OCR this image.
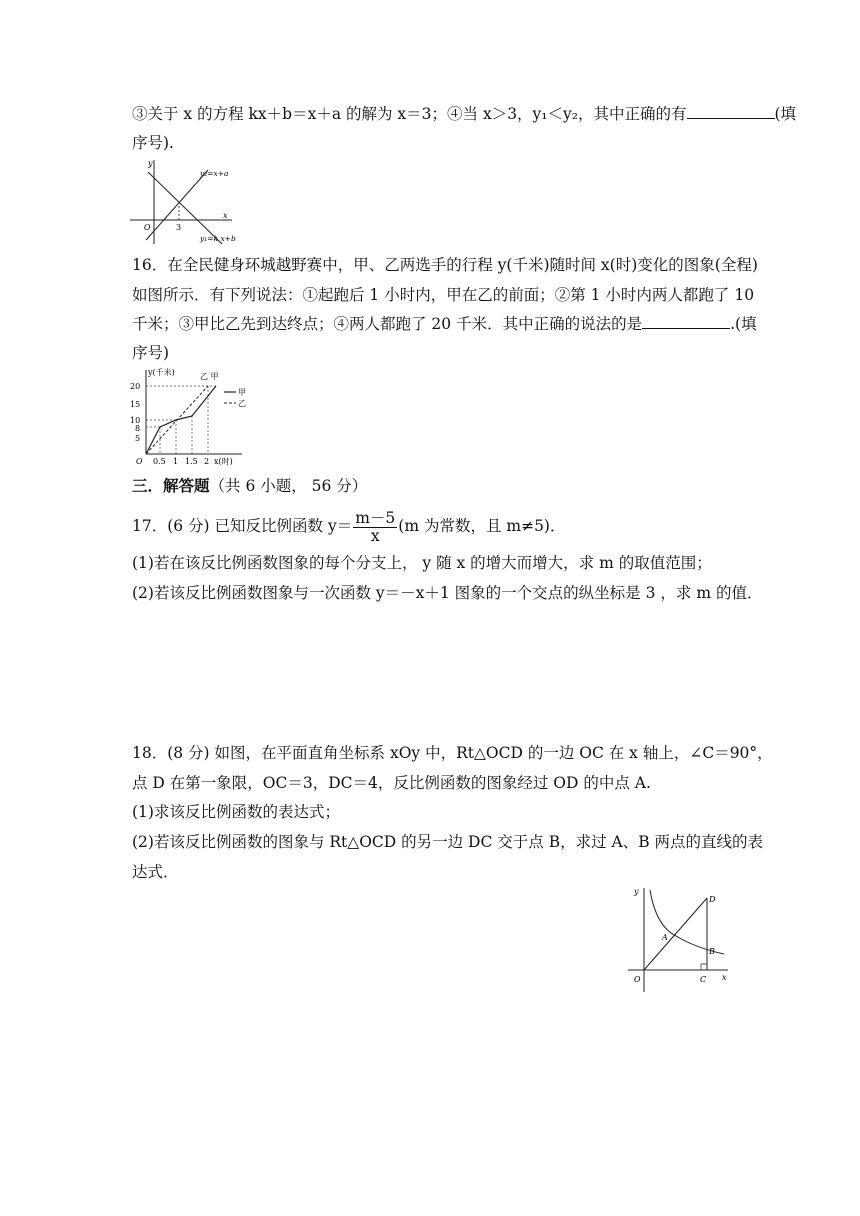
③关于 x 的方程 kx＋b＝x＋a 的解为 x＝3；④当 x＞3，y₁＜y₂，其中正确的有	(填
序号).
y
x
O	3
y₂=x+a
y₁=k x+b
16．在全民健身环城越野赛中，甲、乙两选手的行程 y(千米)随时间 x(时)变化的图象(全程)
如图所示．有下列说法：①起跑后 1 小时内，甲在乙的前面；②第 1 小时内两人都跑了 10
千米；③甲比乙先到达终点；④两人都跑了 20 千米．其中正确的说法的是	.(填
序号)
y(千米)
x(时)
O
20
15
10
8
5
0.5 1 1.5 2
乙 甲
甲
乙
三．解答题（共 6 小题， 56 分）
17．(6 分) 已知反比例函数 $y= \frac{m-5}{x} (m$ 为常数，且 m≠5)．
(1)若在该反比例函数图象的每个分支上， y 随 x 的增大而增大，求 m 的取值范围；
(2)若该反比例函数图象与一次函数 y＝－x＋1 图象的一个交点的纵坐标是 3 ，求 m 的值．
18．(8 分) 如图，在平面直角坐标系 xOy 中，Rt△OCD 的一边 OC 在 x 轴上，∠C＝90°，
点 D 在第一象限，OC＝3，DC＝4，反比例函数的图象经过 OD 的中点 A.
(1)求该反比例函数的表达式；
(2)若该反比例函数的图象与 Rt△OCD 的另一边 DC 交于点 B，求过 A、B 两点的直线的表
达式．
y
x
O
A
B
C
D
